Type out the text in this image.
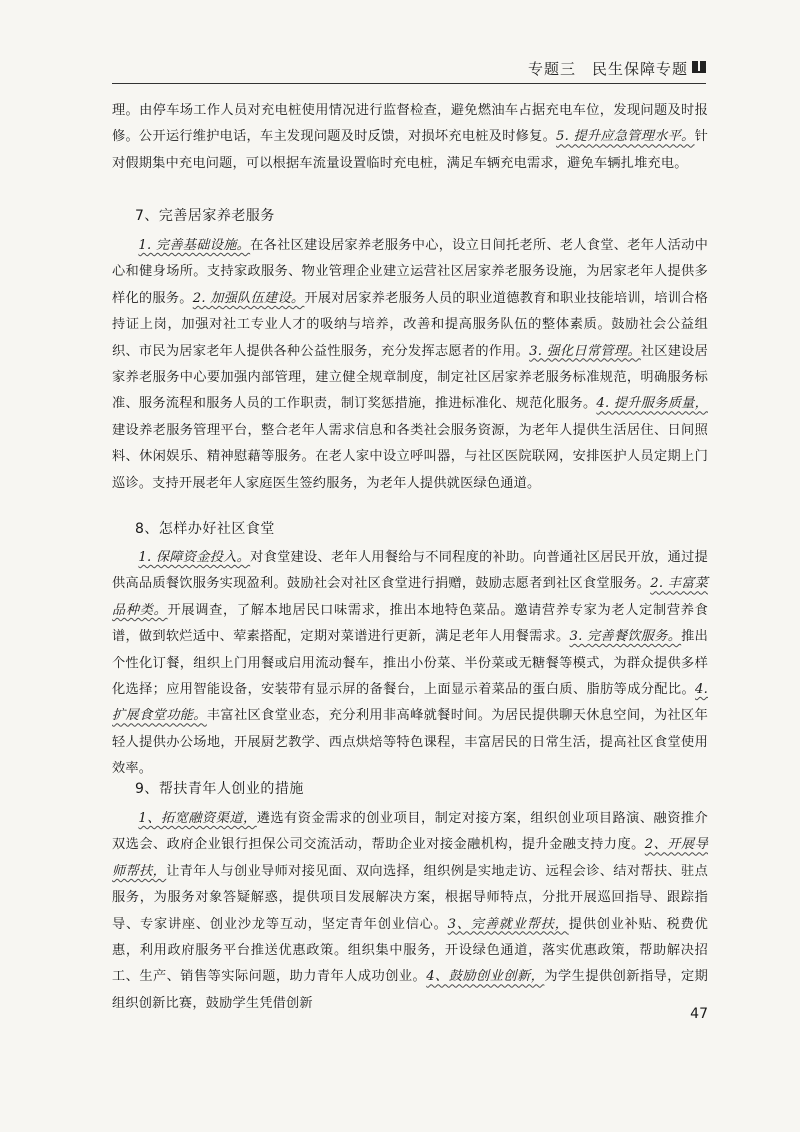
专题三　民生保障专题

理。由停车场工作人员对充电桩使用情况进行监督检查，避免燃油车占据充电车位，发现问题及时报修。公开运行维护电话，车主发现问题及时反馈，对损坏充电桩及时修复。5. 提升应急管理水平。针对假期集中充电问题，可以根据车流量设置临时充电桩，满足车辆充电需求，避免车辆扎堆充电。

7、完善居家养老服务

1. 完善基础设施。在各社区建设居家养老服务中心，设立日间托老所、老人食堂、老年人活动中心和健身场所。支持家政服务、物业管理企业建立运营社区居家养老服务设施，为居家老年人提供多样化的服务。2. 加强队伍建设。开展对居家养老服务人员的职业道德教育和职业技能培训，培训合格持证上岗，加强对社工专业人才的吸纳与培养，改善和提高服务队伍的整体素质。鼓励社会公益组织、市民为居家老年人提供各种公益性服务，充分发挥志愿者的作用。3. 强化日常管理。社区建设居家养老服务中心要加强内部管理，建立健全规章制度，制定社区居家养老服务标准规范，明确服务标准、服务流程和服务人员的工作职责，制订奖惩措施，推进标准化、规范化服务。4. 提升服务质量，建设养老服务管理平台，整合老年人需求信息和各类社会服务资源，为老年人提供生活居住、日间照料、休闲娱乐、精神慰藉等服务。在老人家中设立呼叫器，与社区医院联网，安排医护人员定期上门巡诊。支持开展老年人家庭医生签约服务，为老年人提供就医绿色通道。

8、怎样办好社区食堂

1. 保障资金投入。对食堂建设、老年人用餐给与不同程度的补助。向普通社区居民开放，通过提供高品质餐饮服务实现盈利。鼓励社会对社区食堂进行捐赠，鼓励志愿者到社区食堂服务。2. 丰富菜品种类。开展调查，了解本地居民口味需求，推出本地特色菜品。邀请营养专家为老人定制营养食谱，做到软烂适中、荤素搭配，定期对菜谱进行更新，满足老年人用餐需求。3. 完善餐饮服务。推出个性化订餐，组织上门用餐或启用流动餐车，推出小份菜、半份菜或无糖餐等模式，为群众提供多样化选择；应用智能设备，安装带有显示屏的备餐台，上面显示着菜品的蛋白质、脂肪等成分配比。4. 扩展食堂功能。丰富社区食堂业态，充分利用非高峰就餐时间。为居民提供聊天休息空间，为社区年轻人提供办公场地，开展厨艺教学、西点烘焙等特色课程，丰富居民的日常生活，提高社区食堂使用效率。

9、帮扶青年人创业的措施

1、拓宽融资渠道，遴选有资金需求的创业项目，制定对接方案，组织创业项目路演、融资推介双选会、政府企业银行担保公司交流活动，帮助企业对接金融机构，提升金融支持力度。2、开展导师帮扶，让青年人与创业导师对接见面、双向选择，组织例是实地走访、远程会诊、结对帮扶、驻点服务，为服务对象答疑解惑，提供项目发展解决方案，根据导师特点，分批开展巡回指导、跟踪指导、专家讲座、创业沙龙等互动，坚定青年创业信心。3、完善就业帮扶，提供创业补贴、税费优惠，利用政府服务平台推送优惠政策。组织集中服务，开设绿色通道，落实优惠政策，帮助解决招工、生产、销售等实际问题，助力青年人成功创业。4、鼓励创业创新，为学生提供创新指导，定期组织创新比赛，鼓励学生凭借创新

47
